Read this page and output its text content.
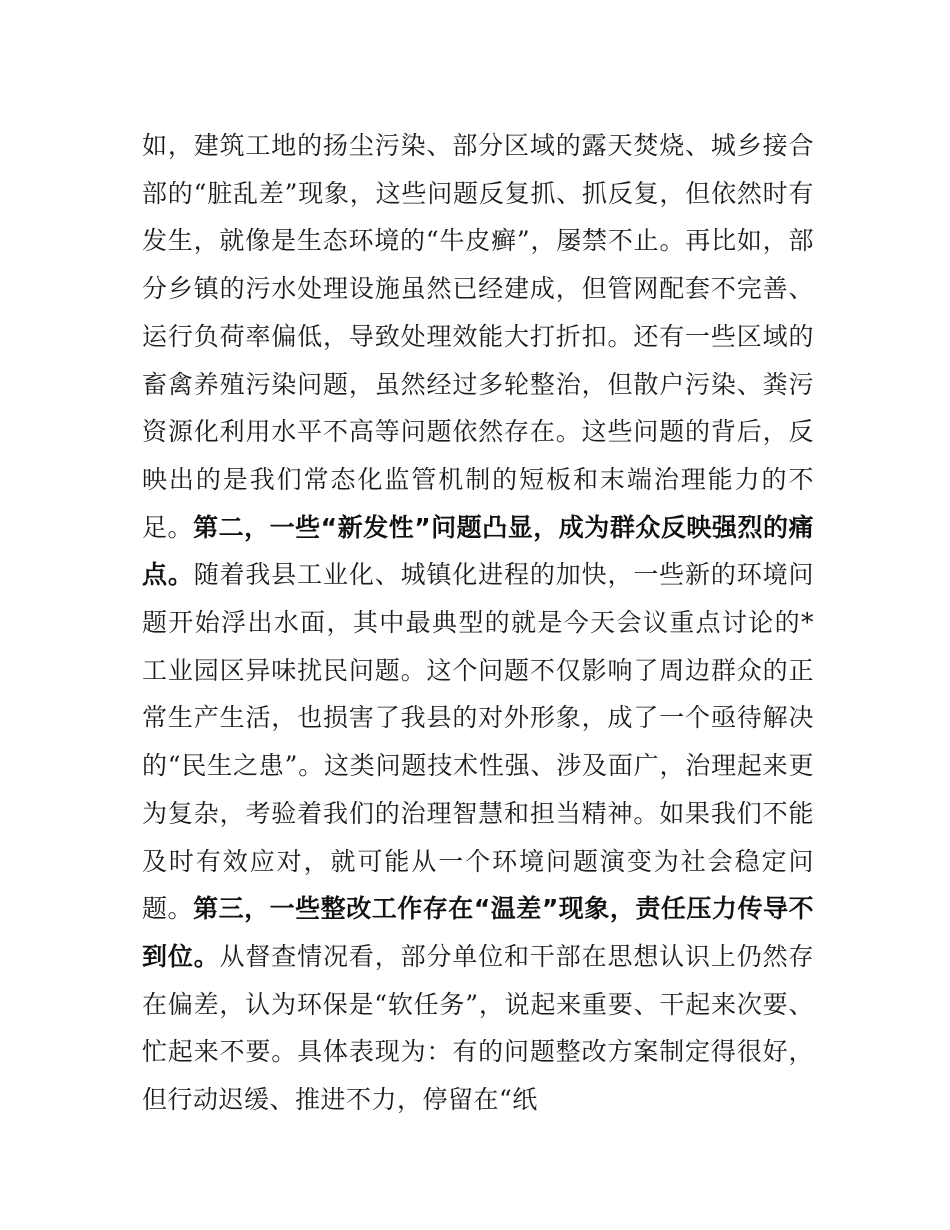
如，建筑工地的扬尘污染、部分区域的露天焚烧、城乡接合部的“脏乱差”现象，这些问题反复抓、抓反复，但依然时有发生，就像是生态环境的“牛皮癣”，屡禁不止。再比如，部分乡镇的污水处理设施虽然已经建成，但管网配套不完善、运行负荷率偏低，导致处理效能大打折扣。还有一些区域的畜禽养殖污染问题，虽然经过多轮整治，但散户污染、粪污资源化利用水平不高等问题依然存在。这些问题的背后，反映出的是我们常态化监管机制的短板和末端治理能力的不足。第二，一些“新发性”问题凸显，成为群众反映强烈的痛点。随着我县工业化、城镇化进程的加快，一些新的环境问题开始浮出水面，其中最典型的就是今天会议重点讨论的*工业园区异味扰民问题。这个问题不仅影响了周边群众的正常生产生活，也损害了我县的对外形象，成了一个亟待解决的“民生之患”。这类问题技术性强、涉及面广，治理起来更为复杂，考验着我们的治理智慧和担当精神。如果我们不能及时有效应对，就可能从一个环境问题演变为社会稳定问题。第三，一些整改工作存在“温差”现象，责任压力传导不到位。从督查情况看，部分单位和干部在思想认识上仍然存在偏差，认为环保是“软任务”，说起来重要、干起来次要、忙起来不要。具体表现为：有的问题整改方案制定得很好，但行动迟缓、推进不力，停留在“纸
